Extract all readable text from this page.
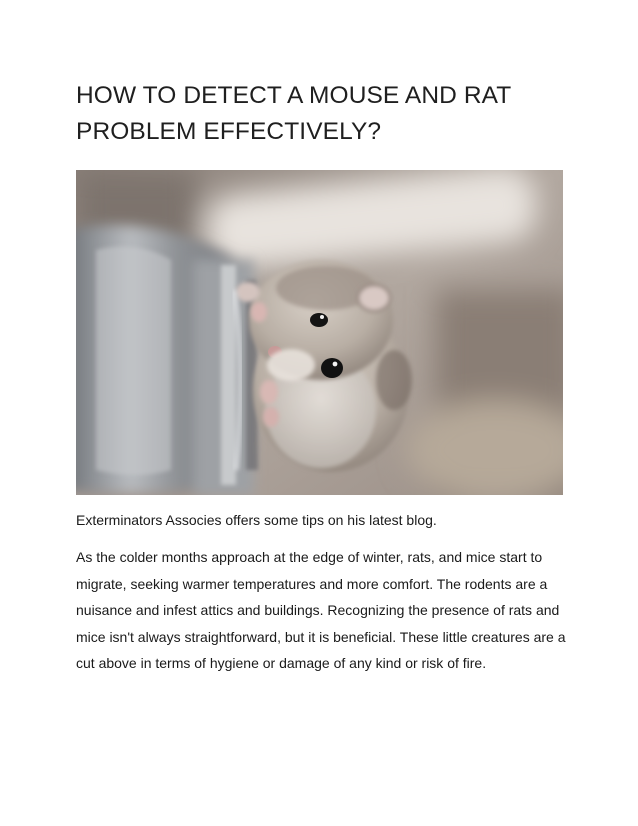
HOW TO DETECT A MOUSE AND RAT PROBLEM EFFECTIVELY?

Exterminators Associes offers some tips on his latest blog.

As the colder months approach at the edge of winter, rats, and mice start to migrate, seeking warmer temperatures and more comfort. The rodents are a nuisance and infest attics and buildings. Recognizing the presence of rats and mice isn't always straightforward, but it is beneficial. These little creatures are a cut above in terms of hygiene or damage of any kind or risk of fire.
